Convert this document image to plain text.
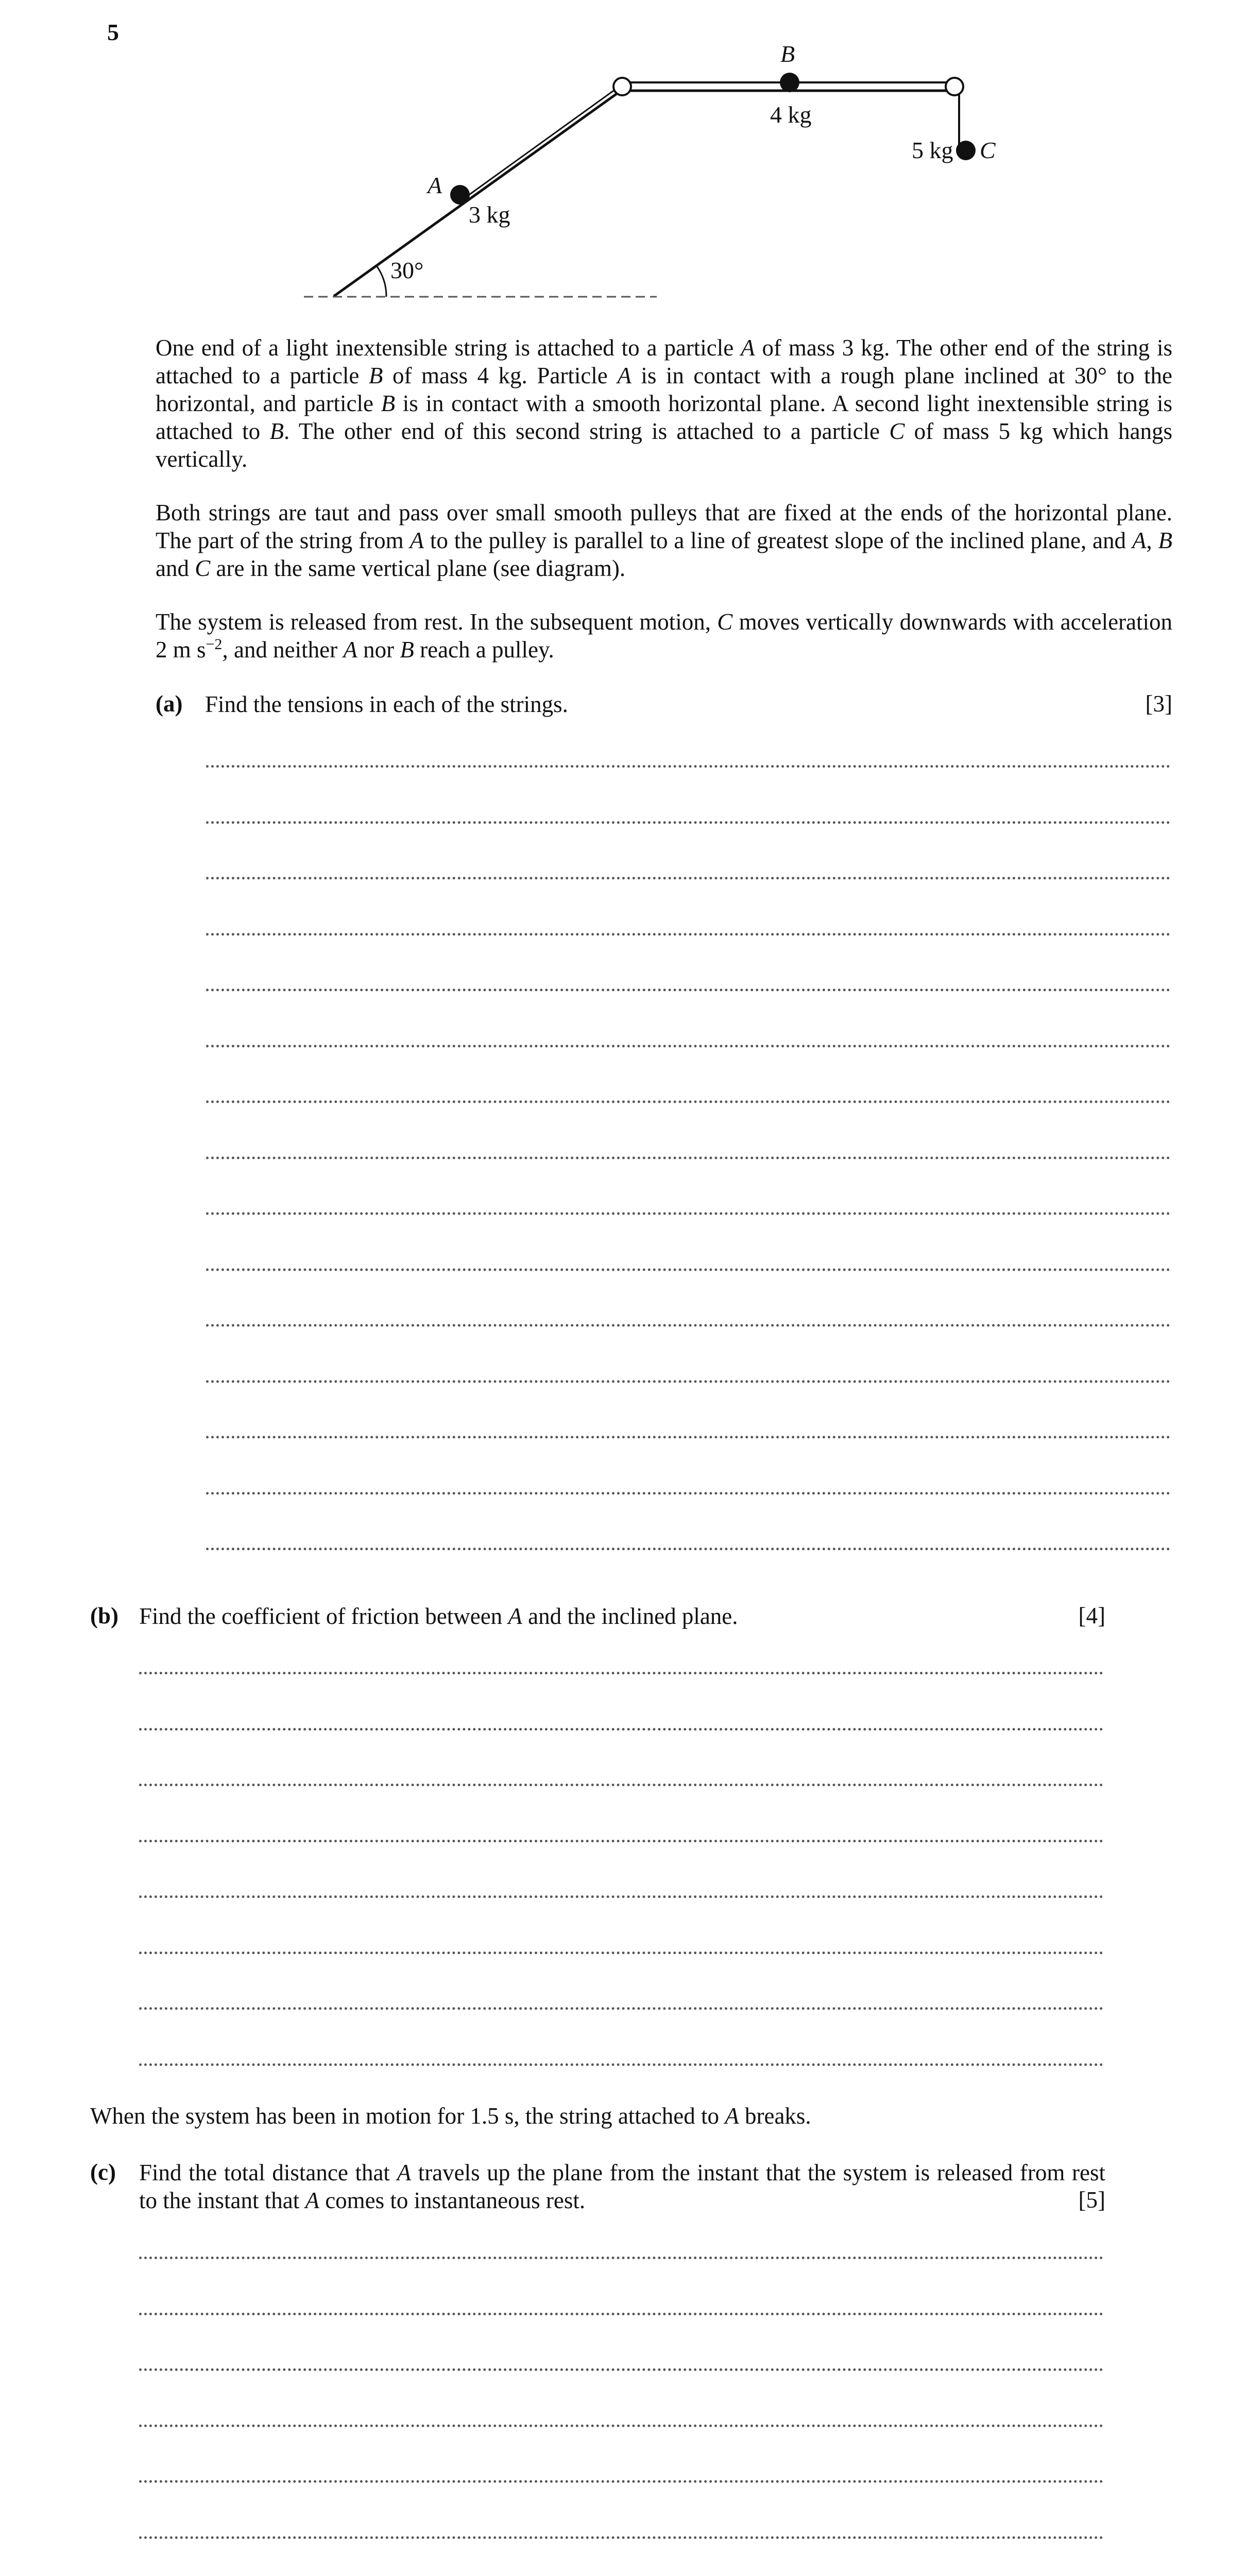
5
30°
A
3 kg
B
4 kg
5 kg C

One end of a light inextensible string is attached to a particle A of mass 3 kg. The other end of the string is attached to a particle B of mass 4 kg. Particle A is in contact with a rough plane inclined at 30° to the horizontal, and particle B is in contact with a smooth horizontal plane. A second light inextensible string is attached to B. The other end of this second string is attached to a particle C of mass 5 kg which hangs vertically.

Both strings are taut and pass over small smooth pulleys that are fixed at the ends of the horizontal plane. The part of the string from A to the pulley is parallel to a line of greatest slope of the inclined plane, and A, B and C are in the same vertical plane (see diagram).

The system is released from rest. In the subsequent motion, C moves vertically downwards with acceleration 2 m $s^{-2}$, and neither A nor B reach a pulley.

(a) Find the tensions in each of the strings.	[3]
(b) Find the coefficient of friction between A and the inclined plane.	[4]
When the system has been in motion for 1.5 s, the string attached to A breaks.
(c) Find the total distance that A travels up the plane from the instant that the system is released from rest to the instant that A comes to instantaneous rest.	[5]
